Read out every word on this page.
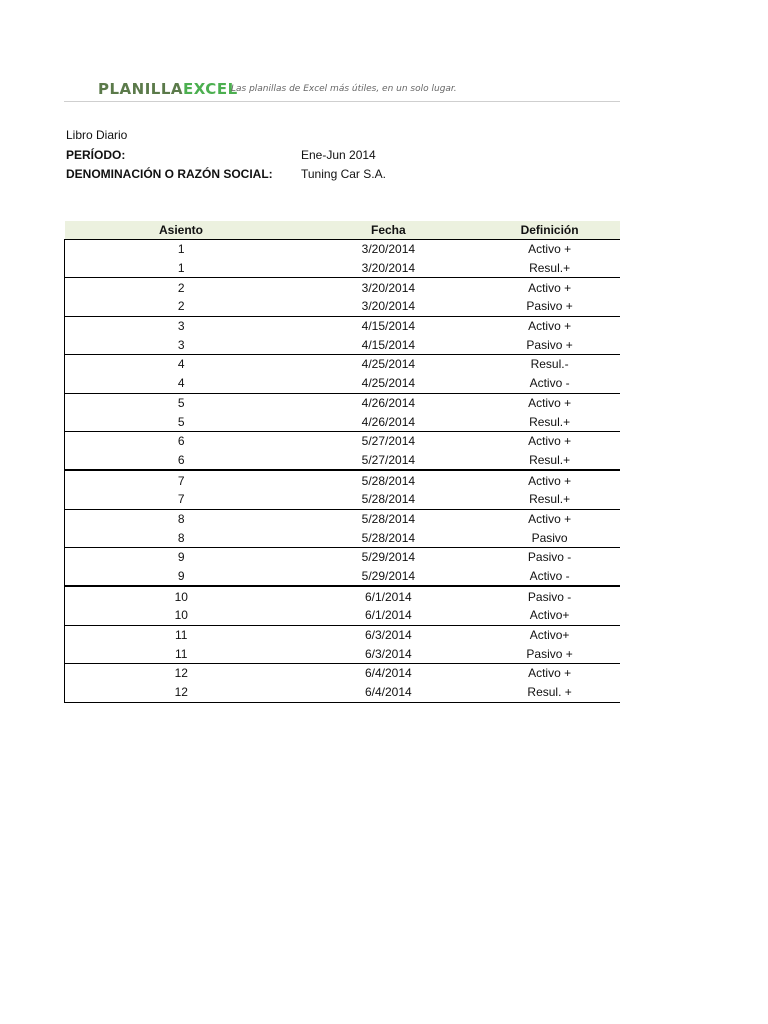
PLANILLAEXCEL
Las planillas de Excel más útiles, en un solo lugar.
Libro Diario
PERÍODO:	Ene-Jun 2014
DENOMINACIÓN O RAZÓN SOCIAL: Tuning Car S.A.
Asiento	Fecha	Definición
1	3/20/2014	Activo +
1	3/20/2014	Resul.+
2	3/20/2014	Activo +
2	3/20/2014	Pasivo +
3	4/15/2014	Activo +
3	4/15/2014	Pasivo +
4	4/25/2014	Resul.-
4	4/25/2014	Activo -
5	4/26/2014	Activo +
5	4/26/2014	Resul.+
6	5/27/2014	Activo +
6	5/27/2014	Resul.+
7	5/28/2014	Activo +
7	5/28/2014	Resul.+
8	5/28/2014	Activo +
8	5/28/2014	Pasivo
9	5/29/2014	Pasivo -
9	5/29/2014	Activo -
10	6/1/2014	Pasivo -
10	6/1/2014	Activo+
11	6/3/2014	Activo+
11	6/3/2014	Pasivo +
12	6/4/2014	Activo +
12	6/4/2014	Resul. +
